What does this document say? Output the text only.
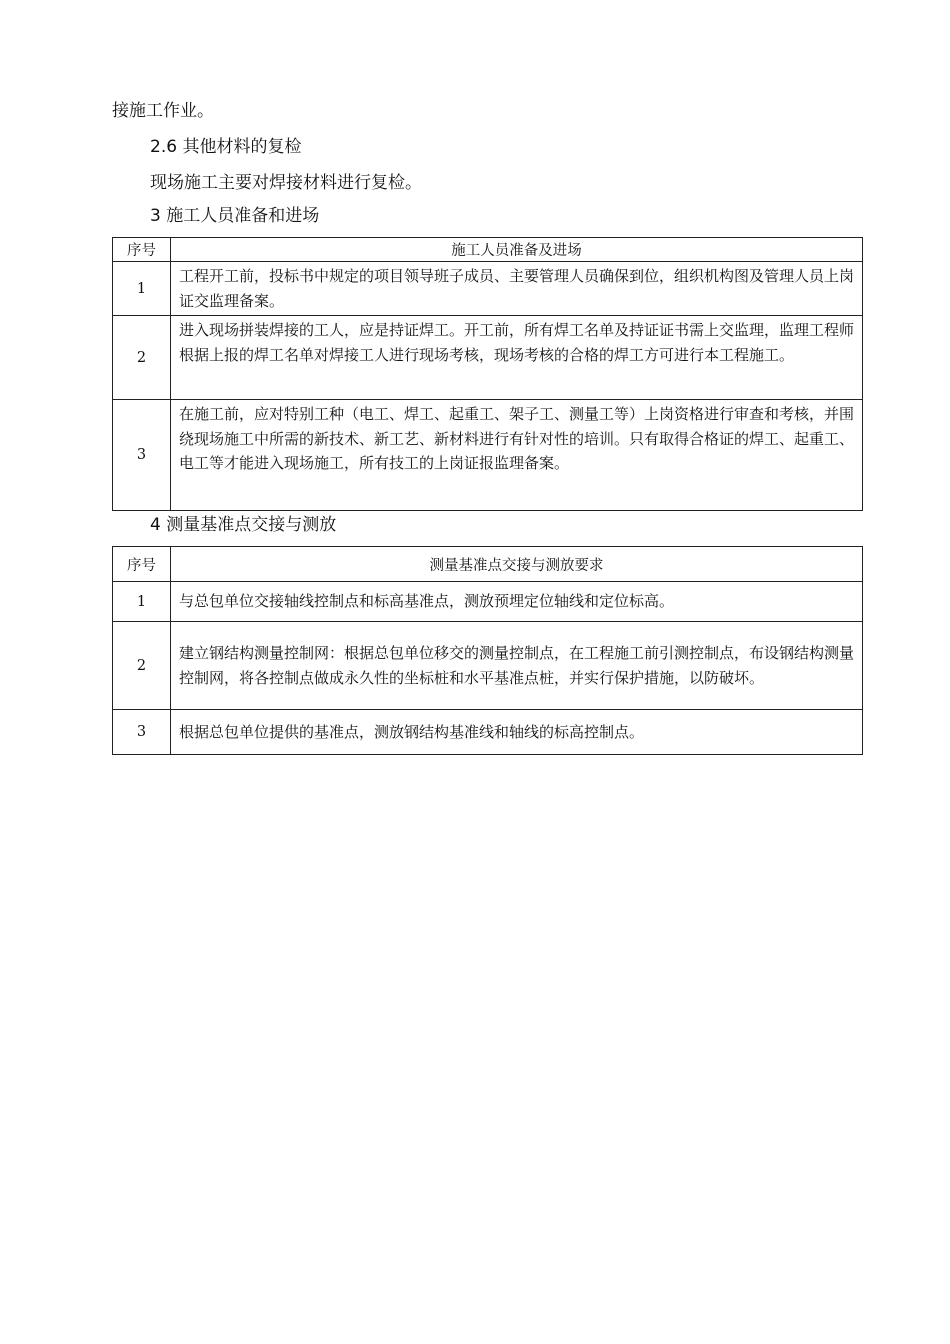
接施工作业。
2.6 其他材料的复检
现场施工主要对焊接材料进行复检。
3 施工人员准备和进场
序号	施工人员准备及进场
1	工程开工前，投标书中规定的项目领导班子成员、主要管理人员确保到位，组织机构图及管理人员上岗证交监理备案。
2	进入现场拼装焊接的工人，应是持证焊工。开工前，所有焊工名单及持证证书需上交监理，监理工程师根据上报的焊工名单对焊接工人进行现场考核，现场考核的合格的焊工方可进行本工程施工。
3	在施工前，应对特别工种（电工、焊工、起重工、架子工、测量工等）上岗资格进行审查和考核，并围绕现场施工中所需的新技术、新工艺、新材料进行有针对性的培训。只有取得合格证的焊工、起重工、电工等才能进入现场施工，所有技工的上岗证报监理备案。
4 测量基准点交接与测放
序号	测量基准点交接与测放要求
1	与总包单位交接轴线控制点和标高基准点，测放预埋定位轴线和定位标高。
2	建立钢结构测量控制网：根据总包单位移交的测量控制点，在工程施工前引测控制点，布设钢结构测量控制网，将各控制点做成永久性的坐标桩和水平基准点桩，并实行保护措施，以防破坏。
3	根据总包单位提供的基准点，测放钢结构基准线和轴线的标高控制点。
